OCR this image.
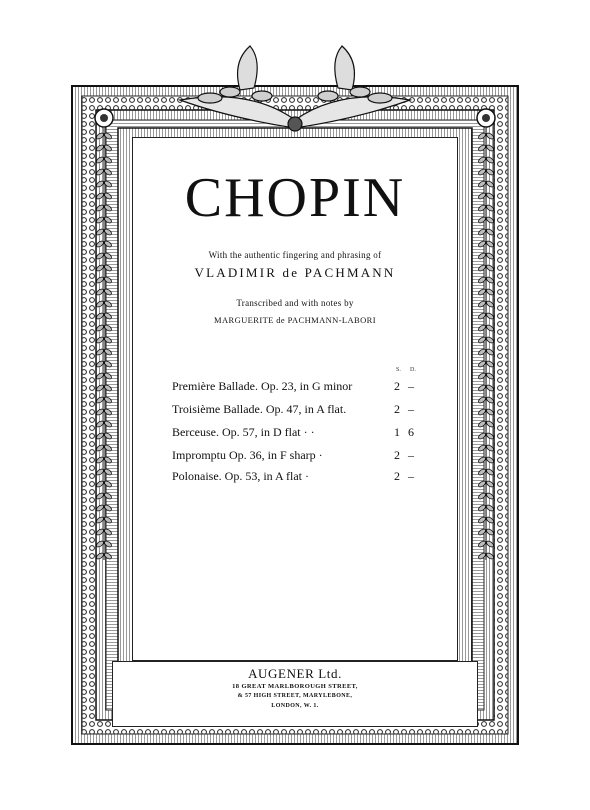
CHOPIN
With the authentic fingering and phrasing of
VLADIMIR de PACHMANN
Transcribed and with notes by
MARGUERITE de PACHMANN-LABORI
S. D.
Première Ballade. Op. 23, in G minor	2 –
Troisième Ballade. Op. 47, in A flat.	2 –
Berceuse. Op. 57, in D flat · ·	1 6
Impromptu Op. 36, in F sharp ·	2 –
Polonaise. Op. 53, in A flat ·	2 –
AUGENER Ltd.
18 GREAT MARLBOROUGH STREET,
& 57 HIGH STREET, MARYLEBONE,
LONDON, W. 1.
